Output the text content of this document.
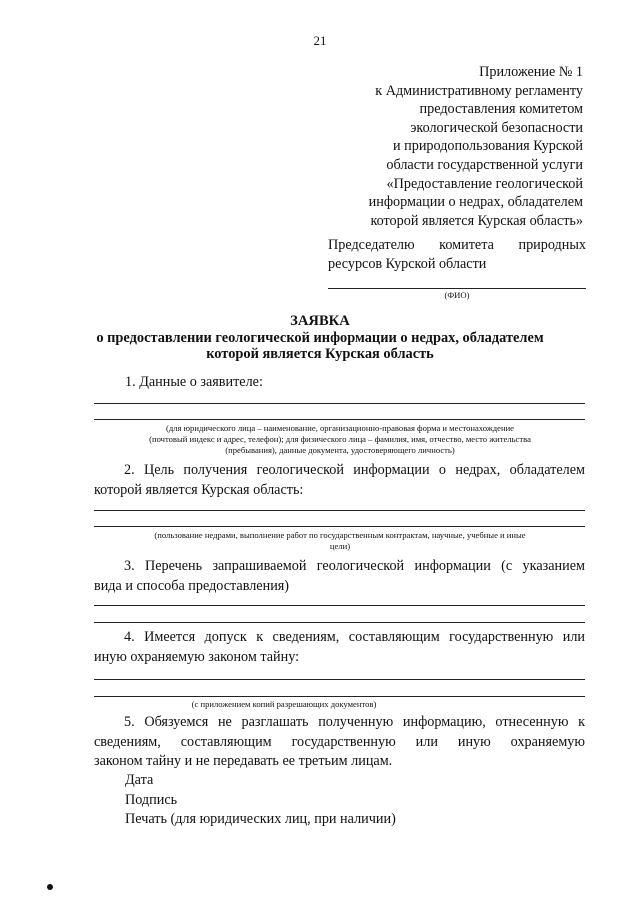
21
Приложение № 1
к Административному регламенту
предоставления комитетом
экологической безопасности
и природопользования Курской
области государственной услуги
«Предоставление геологической
информации о недрах, обладателем
которой является Курская область»
Председателю комитета природных
ресурсов Курской области
(ФИО)
ЗАЯВКА
о предоставлении геологической информации о недрах, обладателем
которой является Курская область
1. Данные о заявителе:
(для юридического лица – наименование, организационно-правовая форма и местонахождение
(почтовый индекс и адрес, телефон); для физического лица – фамилия, имя, отчество, место жительства
(пребывания), данные документа, удостоверяющего личность)
2. Цель получения геологической информации о недрах, обладателем
которой является Курская область:
(пользование недрами, выполнение работ по государственным контрактам, научные, учебные и иные
цели)
3. Перечень запрашиваемой геологической информации (с указанием
вида и способа предоставления)
4. Имеется допуск к сведениям, составляющим государственную или
иную охраняемую законом тайну:
(с приложением копий разрешающих документов)
5. Обязуемся не разглашать полученную информацию, отнесенную к
сведениям, составляющим государственную или иную охраняемую
законом тайну и не передавать ее третьим лицам.
Дата
Подпись
Печать (для юридических лиц, при наличии)
